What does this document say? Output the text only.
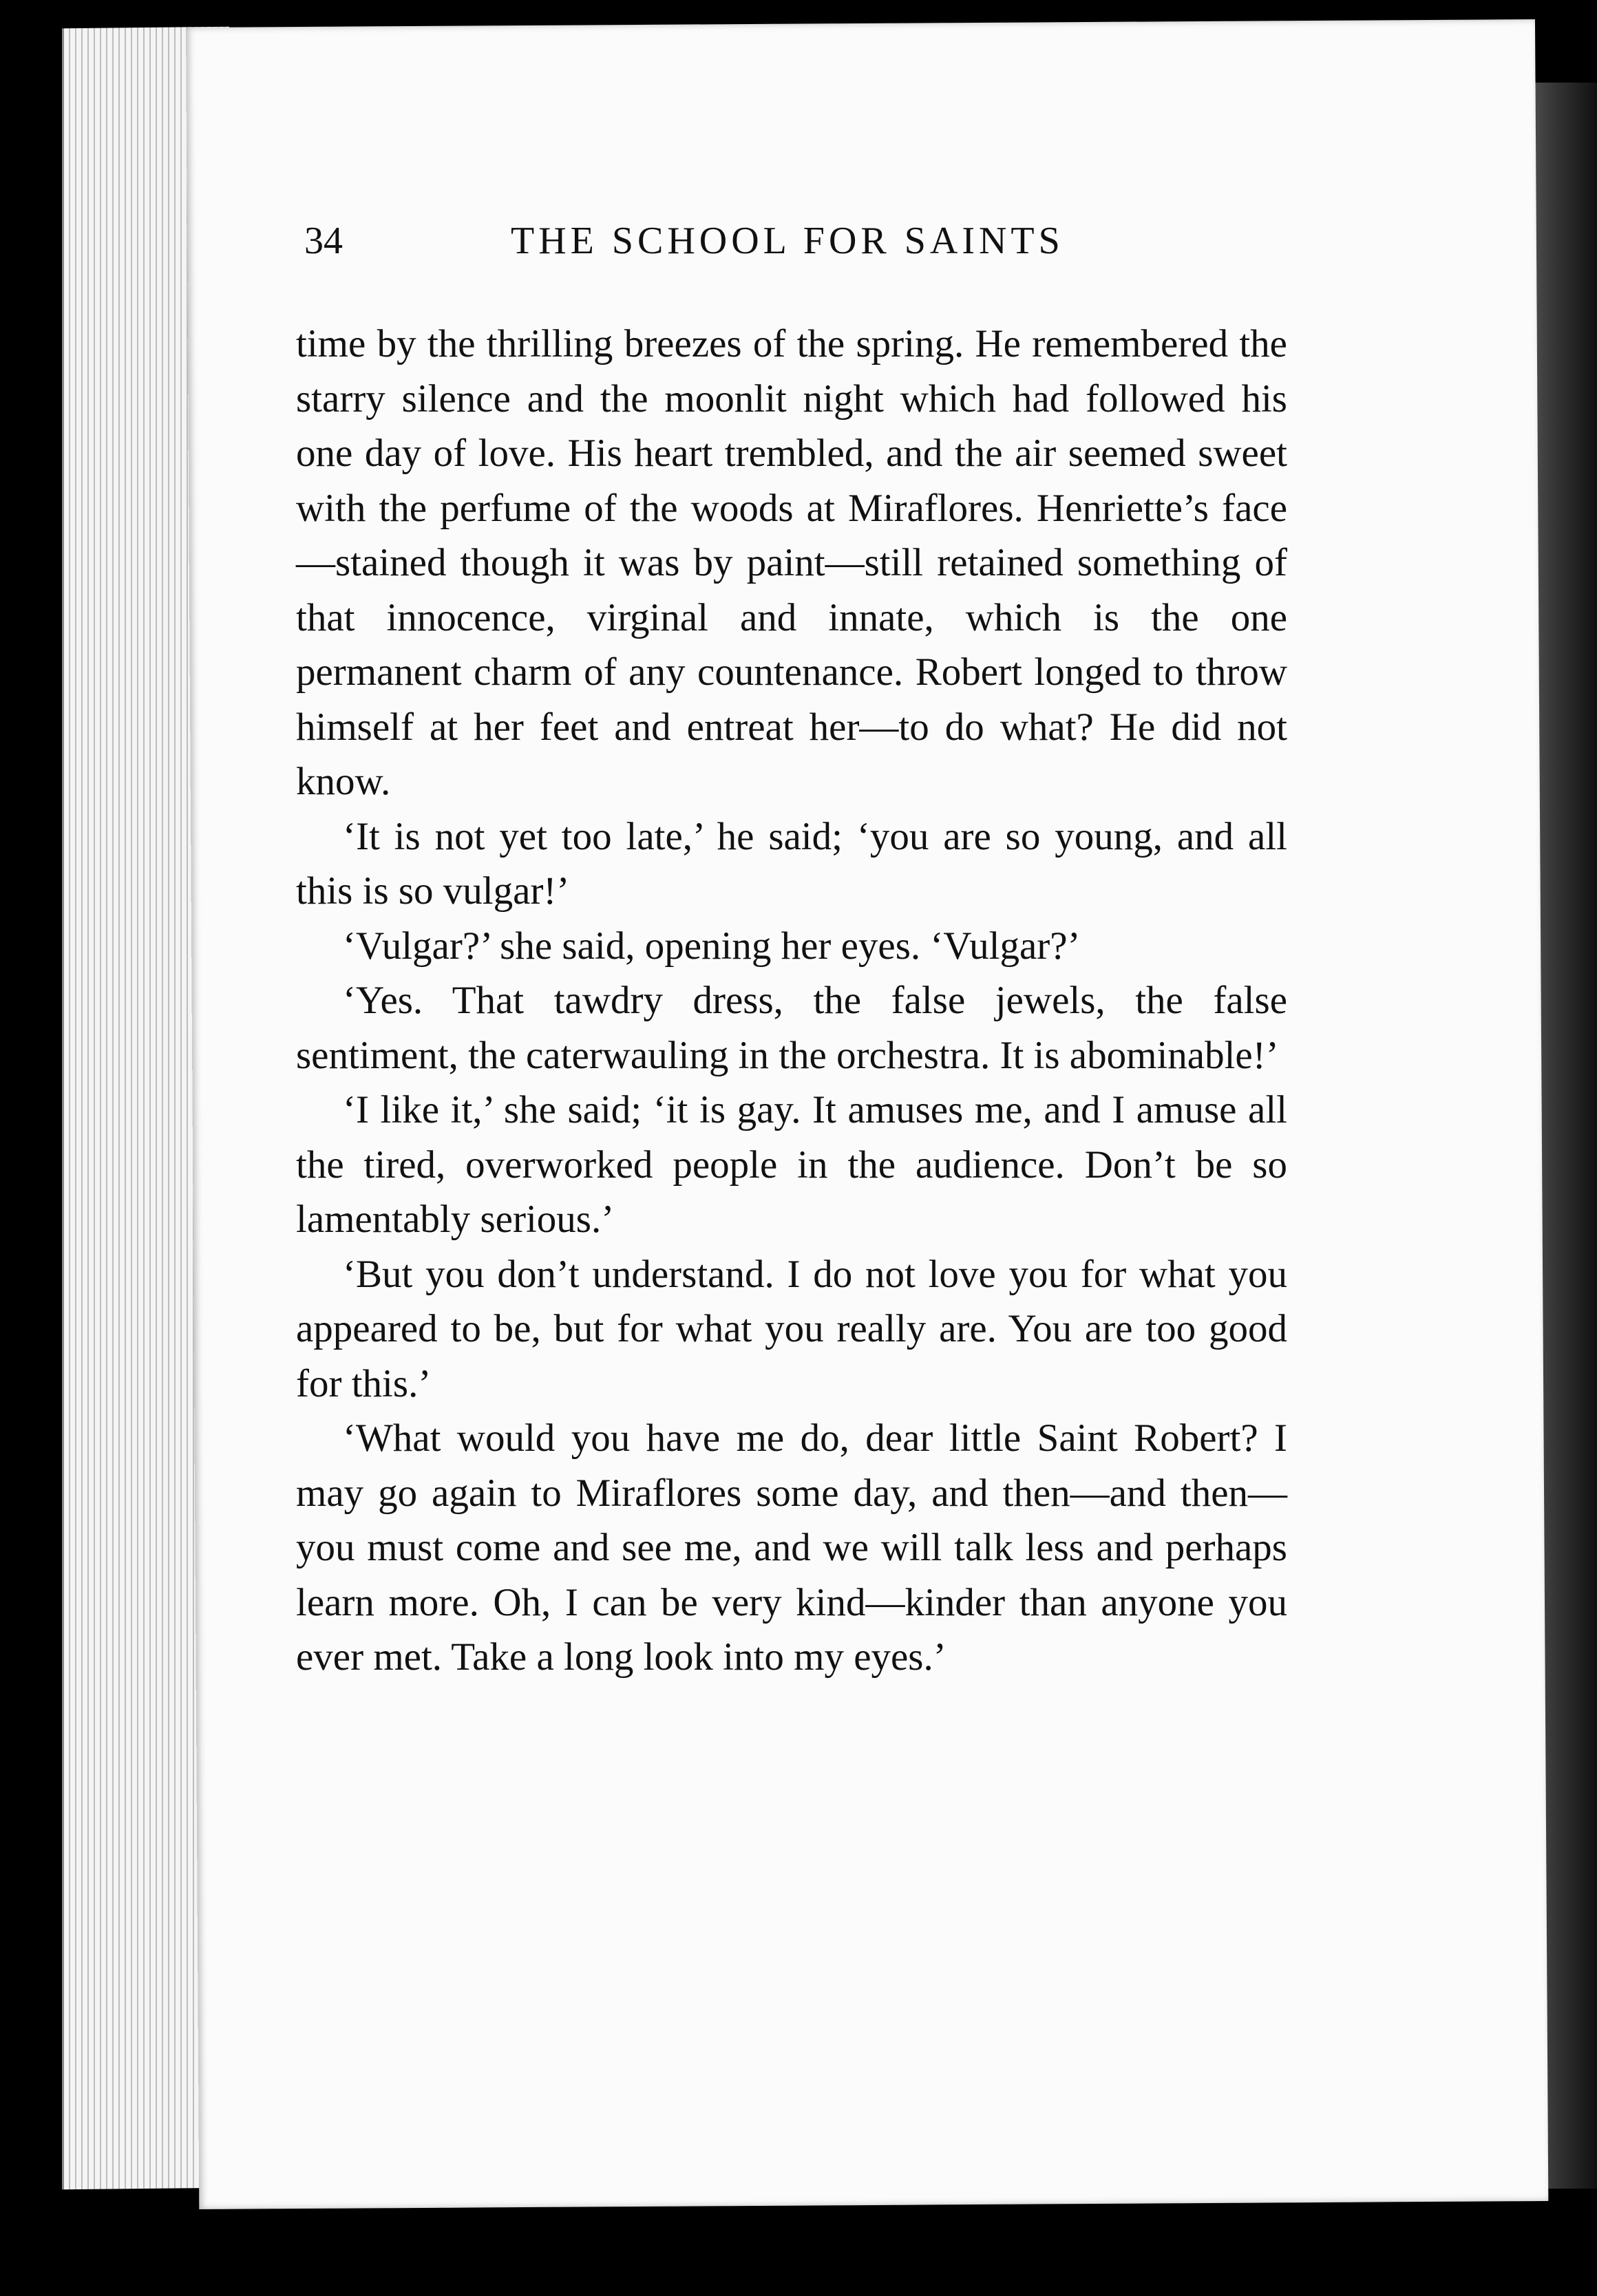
34	THE SCHOOL FOR SAINTS

time by the thrilling breezes of the spring. He remembered the starry silence and the moonlit night which had followed his one day of love. His heart trembled, and the air seemed sweet with the perfume of the woods at Miraflores. Henriette’s face—stained though it was by paint—still retained something of that innocence, virginal and innate, which is the one permanent charm of any countenance. Robert longed to throw himself at her feet and entreat her—to do what? He did not know.

‘It is not yet too late,’ he said; ‘you are so young, and all this is so vulgar!’

‘Vulgar?’ she said, opening her eyes. ‘Vulgar?’

‘Yes. That tawdry dress, the false jewels, the false sentiment, the caterwauling in the orchestra. It is abominable!’

‘I like it,’ she said; ‘it is gay. It amuses me, and I amuse all the tired, overworked people in the audience. Don’t be so lamentably serious.’

‘But you don’t understand. I do not love you for what you appeared to be, but for what you really are. You are too good for this.’

‘What would you have me do, dear little Saint Robert? I may go again to Miraflores some day, and then—and then—you must come and see me, and we will talk less and perhaps learn more. Oh, I can be very kind—kinder than anyone you ever met. Take a long look into my eyes.’
